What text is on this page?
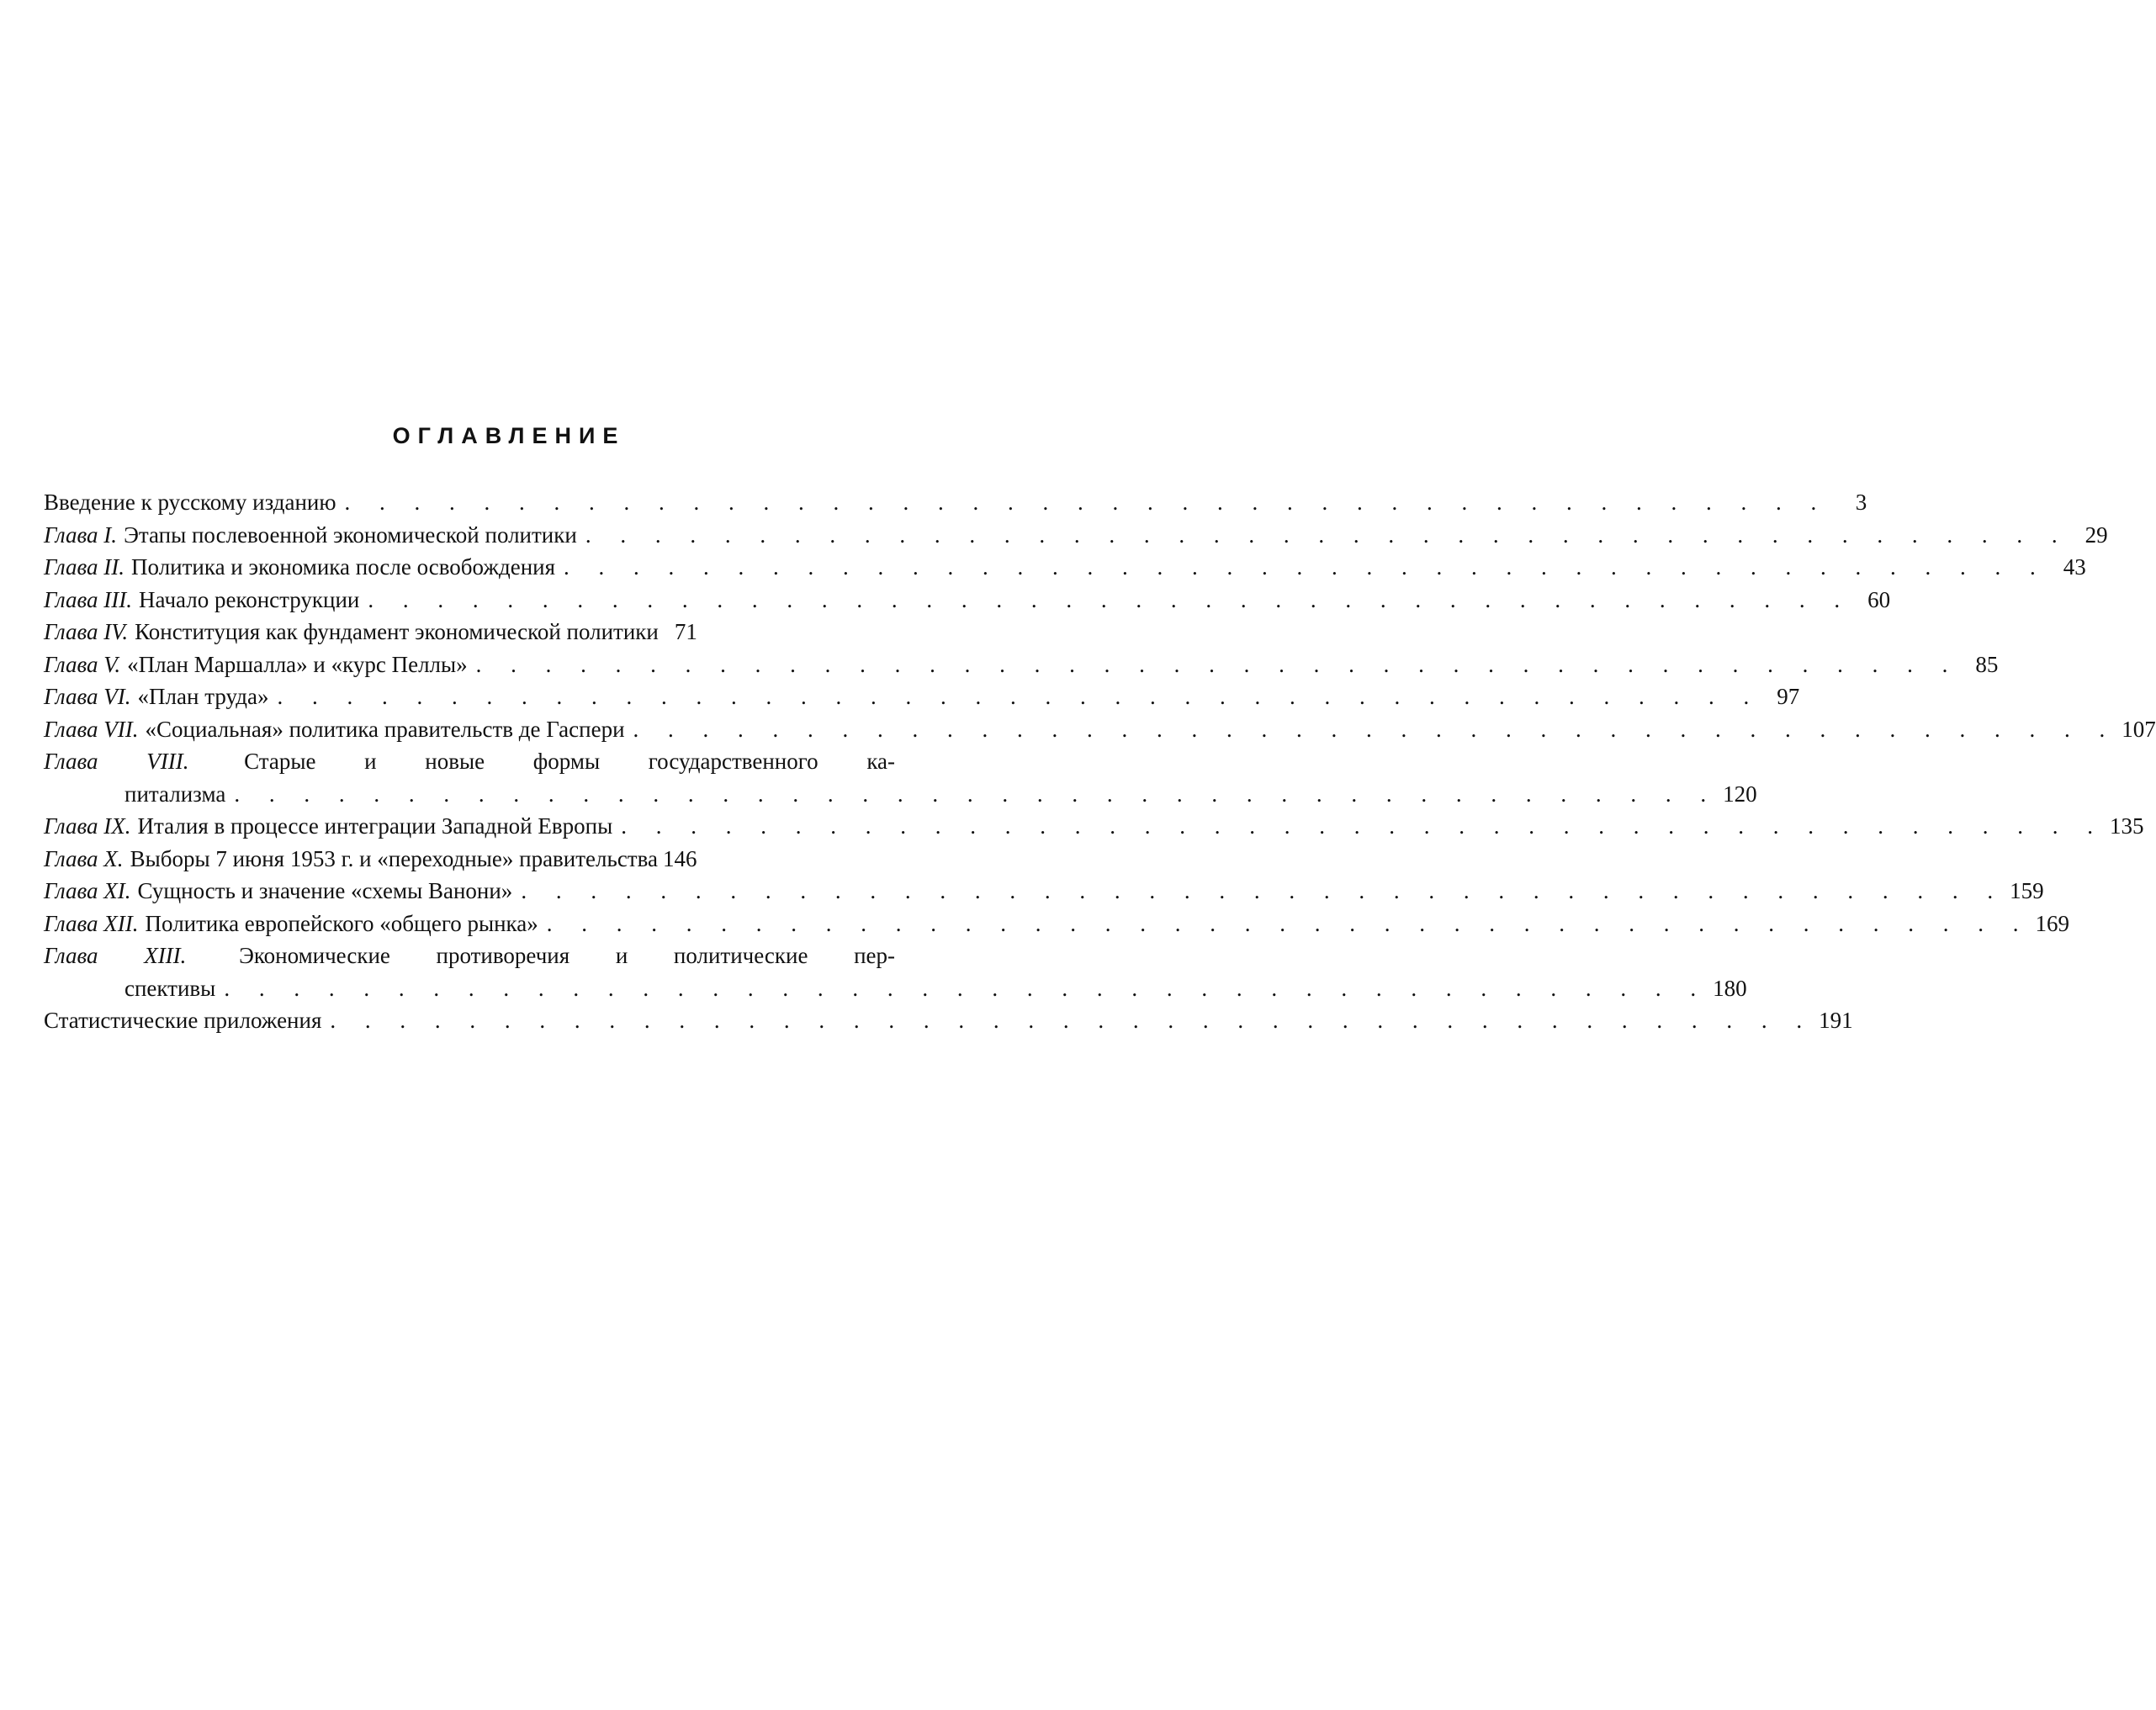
ОГЛАВЛЕНИЕ
Введение к русскому изданию . . . . . . . . . . . . . . . . . . . . . . . . . . . . . . . . . . . . . . . . . . .	3
Глава I. Этапы послевоенной экономической политики . . . . . . . . . . . . . . . . . . . . . . . . . . . . . . . . . . . . . . . . . . . 29
Глава II. Политика и экономика после освобождения . . . . . . . . . . . . . . . . . . . . . . . . . . . . . . . . . . . . . . . . . . . 43
Глава III. Начало реконструкции . . . . . . . . . . . . . . . . . . . . . . . . . . . . . . . . . . . . . . . . . . . 60
Глава IV. Конституция как фундамент экономической политики 71
Глава V. «План Маршалла» и «курс Пеллы» . . . . . . . . . . . . . . . . . . . . . . . . . . . . . . . . . . . . . . . . . . . 85
Глава VI. «План труда» . . . . . . . . . . . . . . . . . . . . . . . . . . . . . . . . . . . . . . . . . . . 97
Глава VII. «Социальная» политика правительств де Гаспери . . . . . . . . . . . . . . . . . . . . . . . . . . . . . . . . . . . . . . . . . . . 107
Глава VIII. Старые и новые формы государственного ка-
питализма . . . . . . . . . . . . . . . . . . . . . . . . . . . . . . . . . . . . . . . . . . . 120
Глава IX. Италия в процессе интеграции Западной Европы . . . . . . . . . . . . . . . . . . . . . . . . . . . . . . . . . . . . . . . . . . . 135
Глава X. Выборы 7 июня 1953 г. и «переходные» правительства 146
Глава XI. Сущность и значение «схемы Ванони» . . . . . . . . . . . . . . . . . . . . . . . . . . . . . . . . . . . . . . . . . . . 159
Глава XII. Политика европейского «общего рынка» . . . . . . . . . . . . . . . . . . . . . . . . . . . . . . . . . . . . . . . . . . . 169
Глава XIII. Экономические противоречия и политические пер-
спективы . . . . . . . . . . . . . . . . . . . . . . . . . . . . . . . . . . . . . . . . . . . 180
Статистические приложения . . . . . . . . . . . . . . . . . . . . . . . . . . . . . . . . . . . . . . . . . . . 191
